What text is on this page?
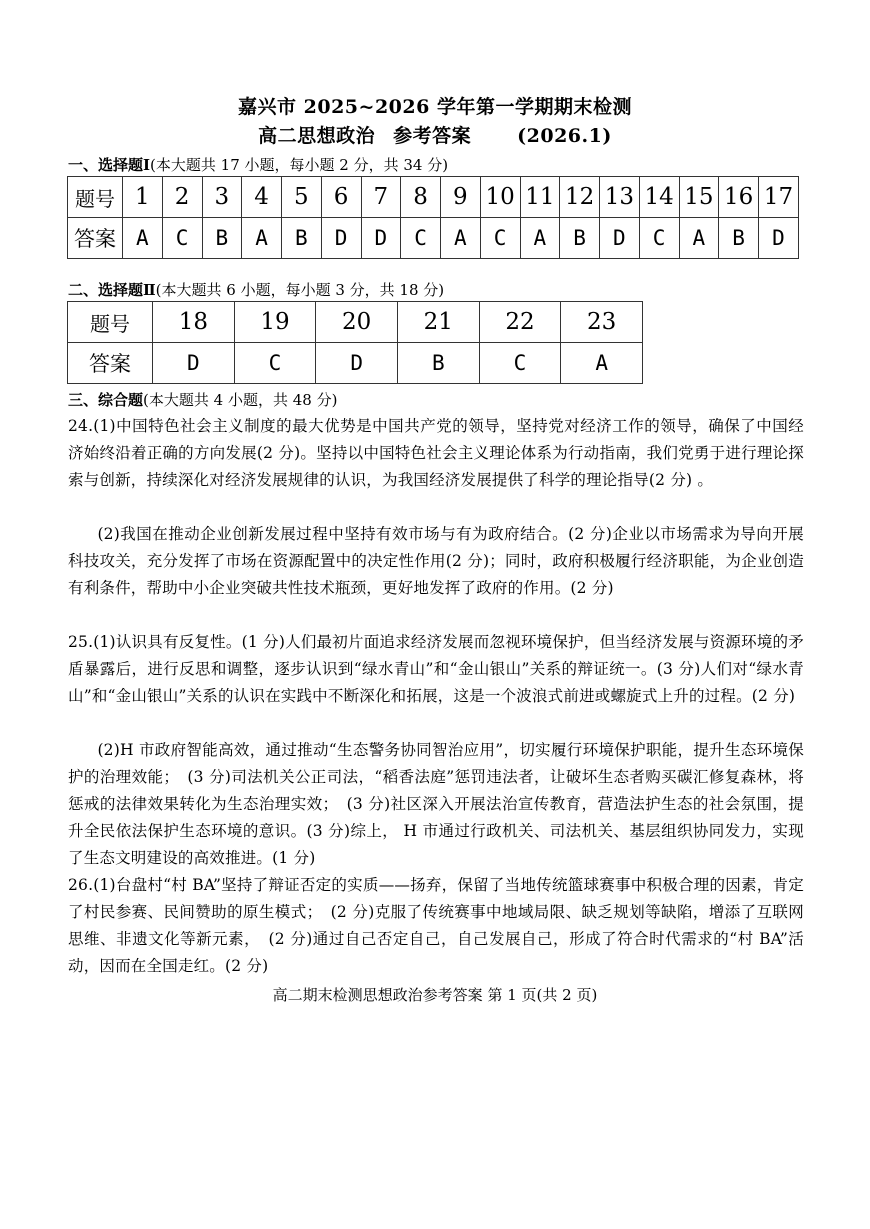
嘉兴市 2025~2026 学年第一学期期末检测
高二思想政治 参考答案 (2026.1)
一、选择题Ⅰ(本大题共 17 小题，每小题 2 分，共 34 分)
题号	1	2	3	4	5	6	7	8	9	10	11	12	13	14	15	16	17
答案	A	C	B	A	B	D	D	C	A	C	A	B	D	C	A	B	D
二、选择题Ⅱ(本大题共 6 小题，每小题 3 分，共 18 分)
题号	18	19	20	21	22	23
答案	D	C	D	B	C	A
三、综合题(本大题共 4 小题，共 48 分)
24.(1)中国特色社会主义制度的最大优势是中国共产党的领导，坚持党对经济工作的领导，确保了中国经济始终沿着正确的方向发展(2 分)。坚持以中国特色社会主义理论体系为行动指南，我们党勇于进行理论探索与创新，持续深化对经济发展规律的认识，为我国经济发展提供了科学的理论指导(2 分) 。
(2)我国在推动企业创新发展过程中坚持有效市场与有为政府结合。(2 分)企业以市场需求为导向开展科技攻关，充分发挥了市场在资源配置中的决定性作用(2 分)；同时，政府积极履行经济职能，为企业创造有利条件，帮助中小企业突破共性技术瓶颈，更好地发挥了政府的作用。(2 分)
25.(1)认识具有反复性。(1 分)人们最初片面追求经济发展而忽视环境保护，但当经济发展与资源环境的矛盾暴露后，进行反思和调整，逐步认识到“绿水青山”和“金山银山”关系的辩证统一。(3 分)人们对“绿水青山”和“金山银山”关系的认识在实践中不断深化和拓展，这是一个波浪式前进或螺旋式上升的过程。(2 分)
(2)H 市政府智能高效，通过推动“生态警务协同智治应用”，切实履行环境保护职能，提升生态环境保护的治理效能；　(3 分)司法机关公正司法，“稻香法庭”惩罚违法者，让破坏生态者购买碳汇修复森林，将惩戒的法律效果转化为生态治理实效；　(3 分)社区深入开展法治宣传教育，营造法护生态的社会氛围，提升全民依法保护生态环境的意识。(3 分)综上， H 市通过行政机关、司法机关、基层组织协同发力，实现了生态文明建设的高效推进。(1 分)
26.(1)台盘村“村 BA”坚持了辩证否定的实质——扬弃，保留了当地传统篮球赛事中积极合理的因素，肯定了村民参赛、民间赞助的原生模式；　(2 分)克服了传统赛事中地域局限、缺乏规划等缺陷，增添了互联网思维、非遗文化等新元素，　(2 分)通过自己否定自己，自己发展自己，形成了符合时代需求的“村 BA”活动，因而在全国走红。(2 分)
高二期末检测思想政治参考答案 第 1 页(共 2 页)
